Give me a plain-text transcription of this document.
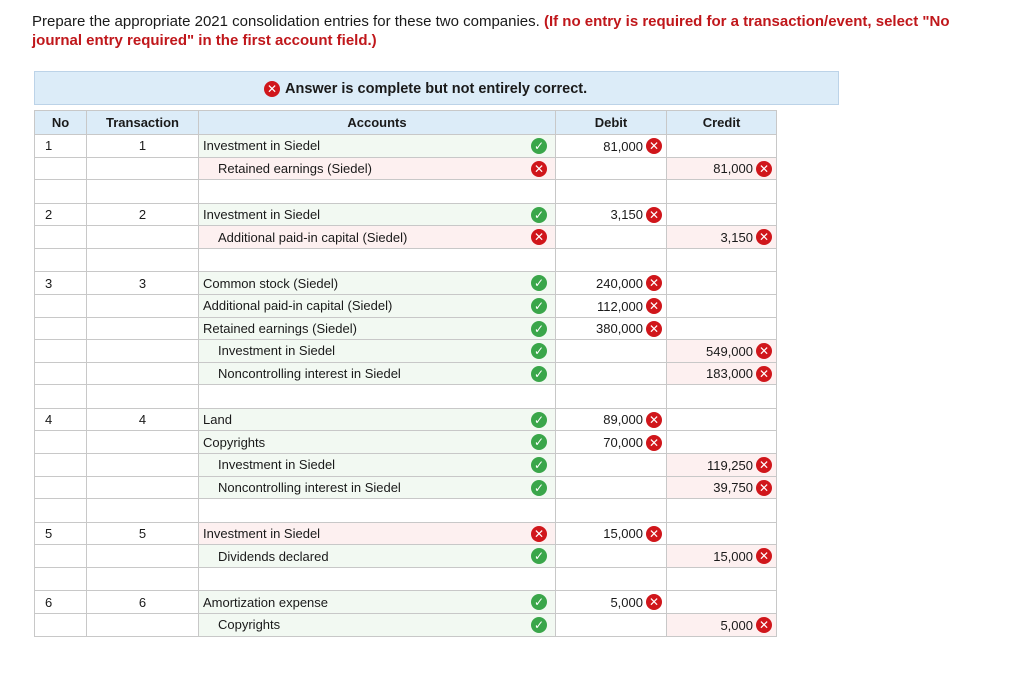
Prepare the appropriate 2021 consolidation entries for these two companies. (If no entry is required for a transaction/event, select "No journal entry required" in the first account field.)
✕ Answer is complete but not entirely correct.
No	Transaction	Accounts	Debit	Credit
1	1	Investment in Siedel ✓	81,000 ✕	
		Retained earnings (Siedel) ✕		81,000 ✕

2	2	Investment in Siedel ✓	3,150 ✕	
		Additional paid-in capital (Siedel) ✕		3,150 ✕

3	3	Common stock (Siedel) ✓	240,000 ✕	
		Additional paid-in capital (Siedel) ✓	112,000 ✕	
		Retained earnings (Siedel) ✓	380,000 ✕	
		Investment in Siedel ✓		549,000 ✕
		Noncontrolling interest in Siedel ✓		183,000 ✕

4	4	Land ✓	89,000 ✕	
		Copyrights ✓	70,000 ✕	
		Investment in Siedel ✓		119,250 ✕
		Noncontrolling interest in Siedel ✓		39,750 ✕

5	5	Investment in Siedel ✕	15,000 ✕	
		Dividends declared ✓		15,000 ✕

6	6	Amortization expense ✓	5,000 ✕	
		Copyrights ✓		5,000 ✕
